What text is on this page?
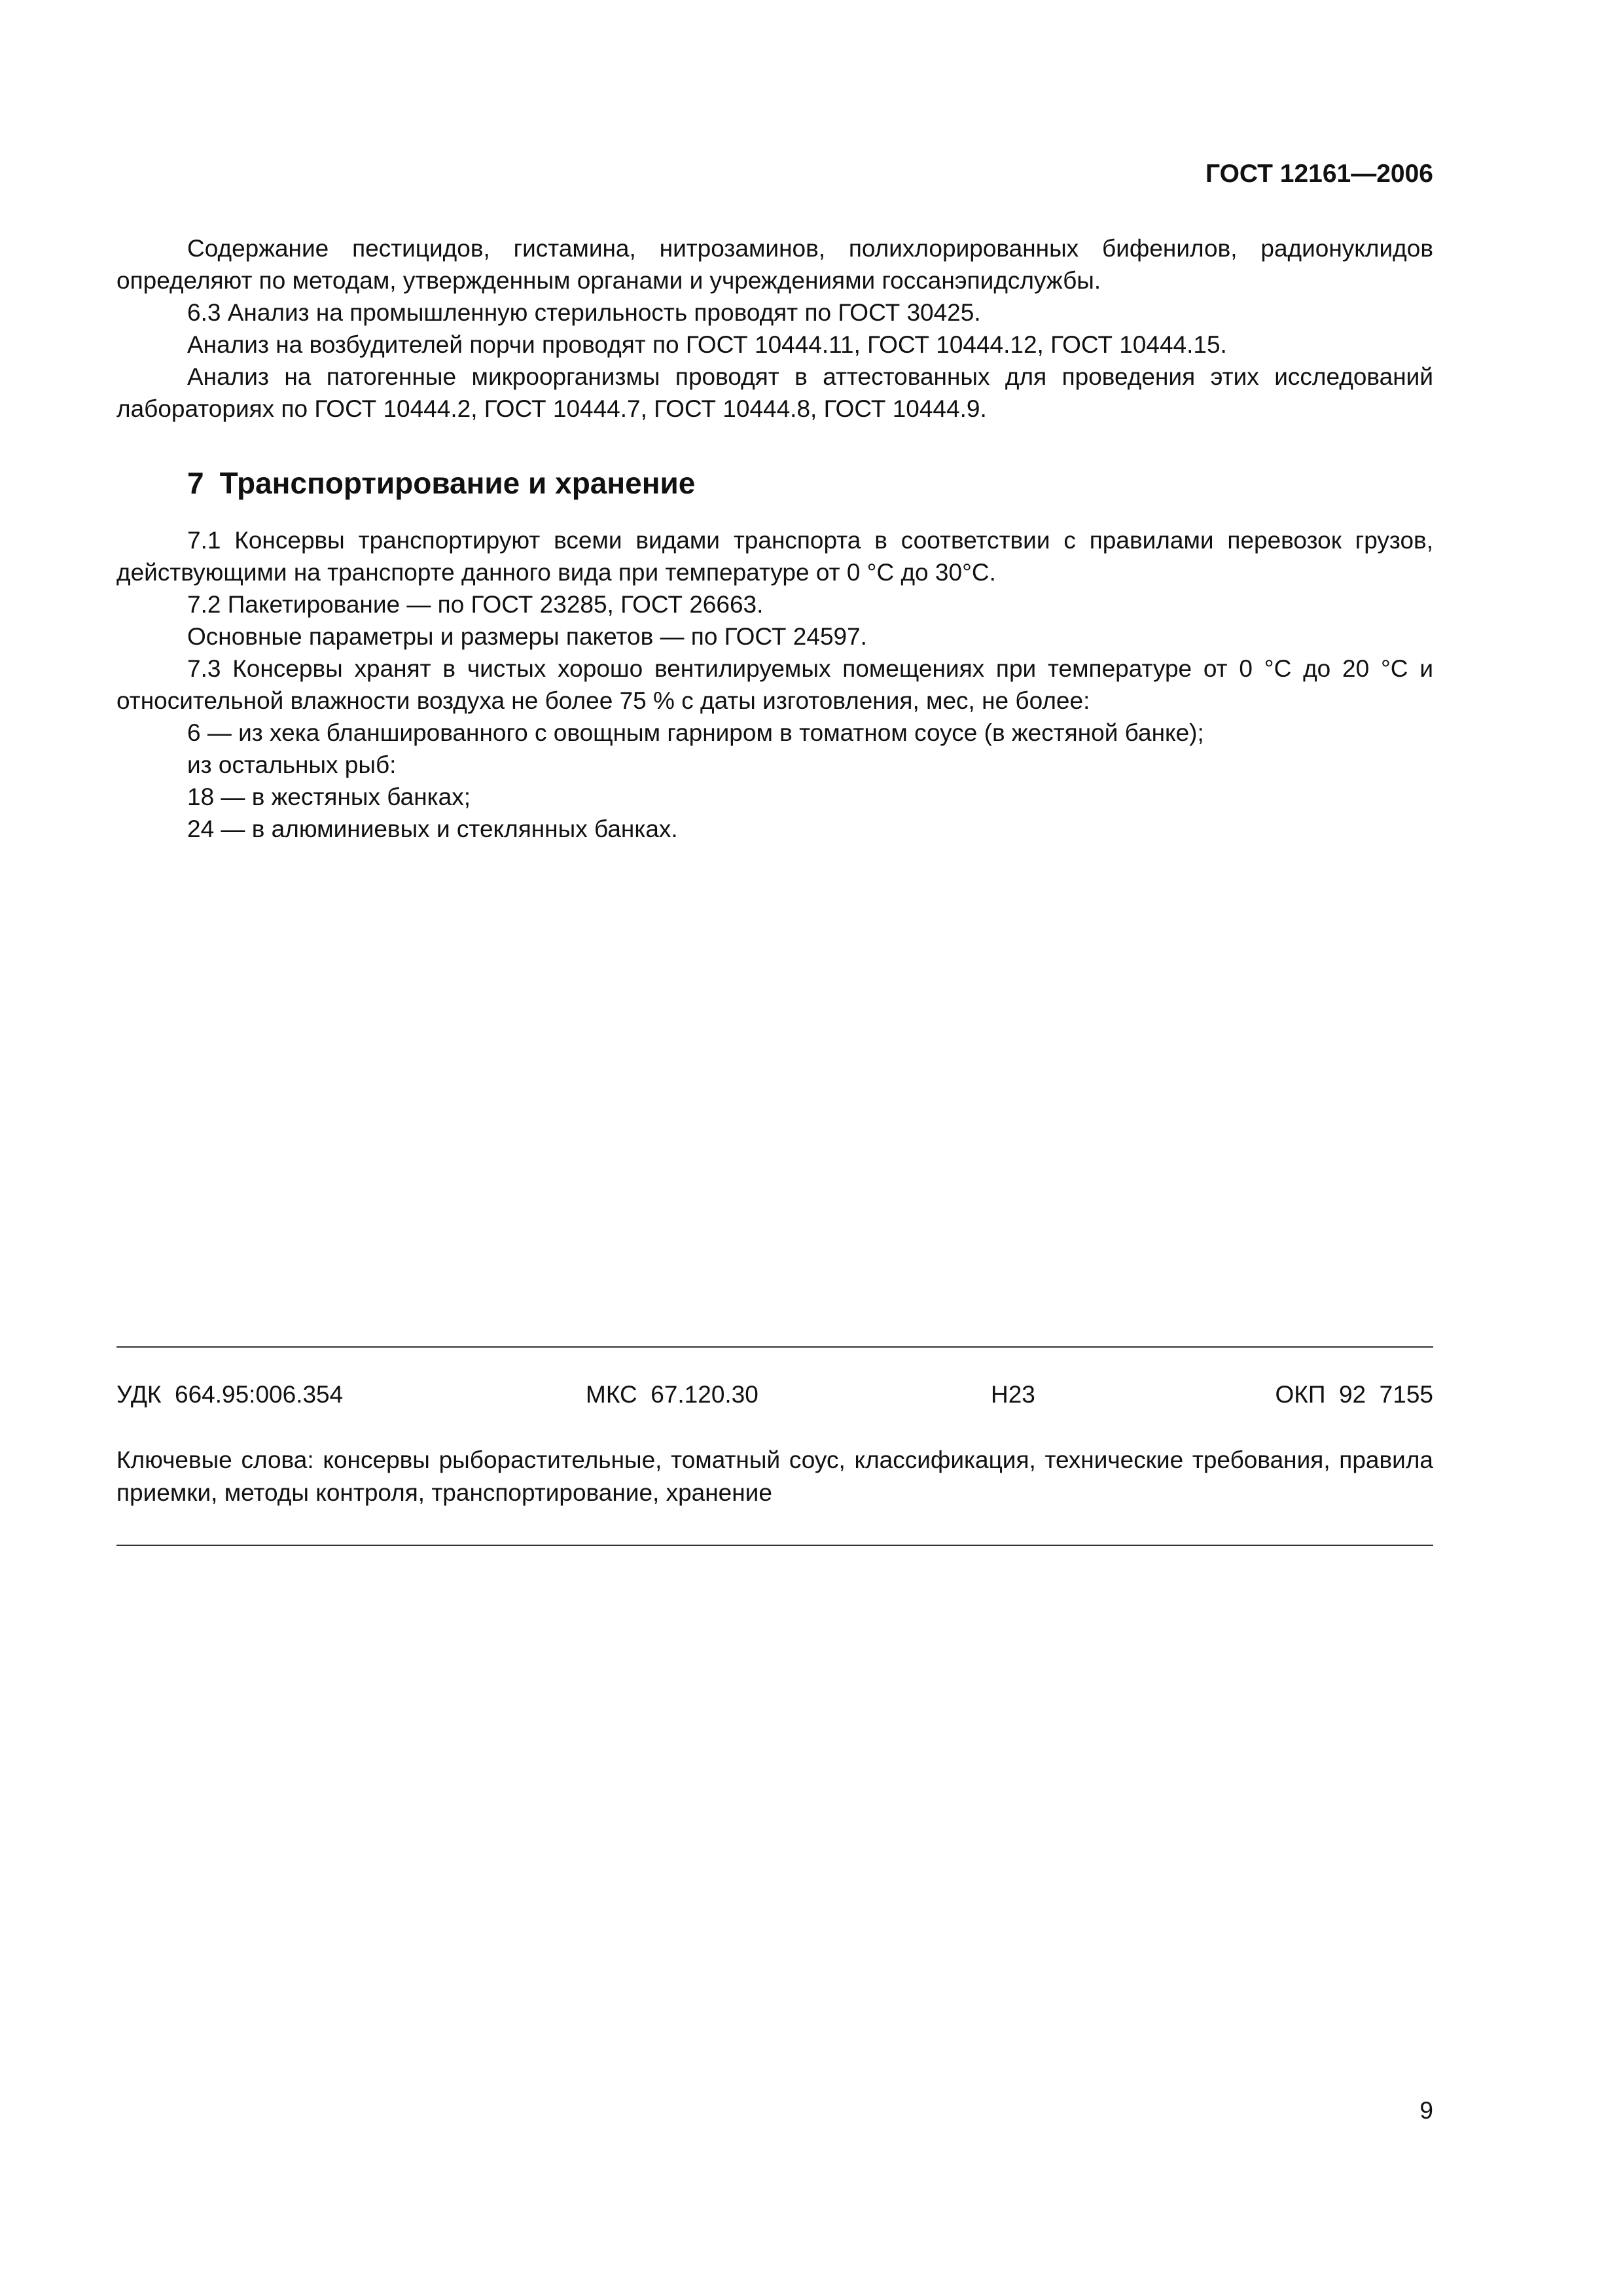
ГОСТ 12161—2006

Содержание пестицидов, гистамина, нитрозаминов, полихлорированных бифенилов, радионуклидов определяют по методам, утвержденным органами и учреждениями госсанэпидслужбы.

6.3 Анализ на промышленную стерильность проводят по ГОСТ 30425.

Анализ на возбудителей порчи проводят по ГОСТ 10444.11, ГОСТ 10444.12, ГОСТ 10444.15.

Анализ на патогенные микроорганизмы проводят в аттестованных для проведения этих исследований лабораториях по ГОСТ 10444.2, ГОСТ 10444.7, ГОСТ 10444.8, ГОСТ 10444.9.

7 Транспортирование и хранение

7.1 Консервы транспортируют всеми видами транспорта в соответствии с правилами перевозок грузов, действующими на транспорте данного вида при температуре от 0 °С до 30°С.

7.2 Пакетирование — по ГОСТ 23285, ГОСТ 26663.

Основные параметры и размеры пакетов — по ГОСТ 24597.

7.3 Консервы хранят в чистых хорошо вентилируемых помещениях при температуре от 0 °С до 20 °С и относительной влажности воздуха не более 75 % с даты изготовления, мес, не более:

6 — из хека бланшированного с овощным гарниром в томатном соусе (в жестяной банке);

из остальных рыб:

18 — в жестяных банках;

24 — в алюминиевых и стеклянных банках.

УДК  664.95:006.354	МКС  67.120.30	Н23	ОКП  92  7155

Ключевые слова: консервы рыборастительные, томатный соус, классификация, технические требования, правила приемки, методы контроля, транспортирование, хранение

9
